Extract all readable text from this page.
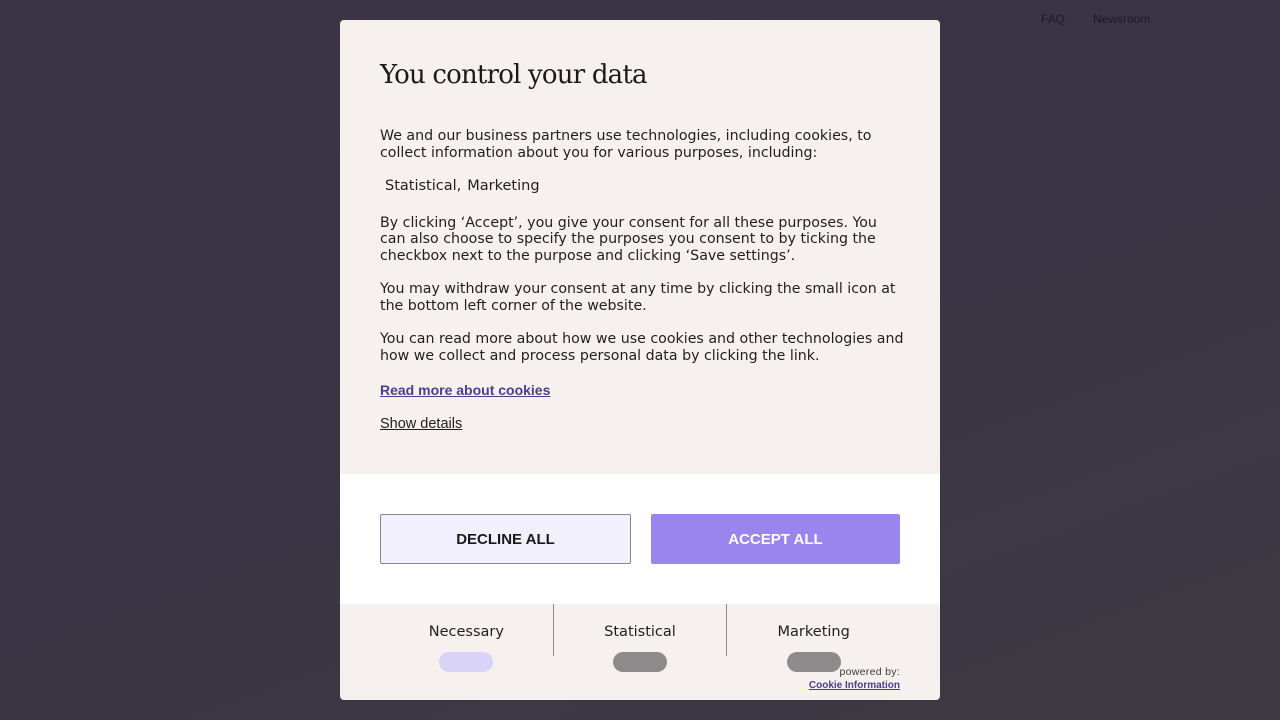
FAQ Newsroom
You control your data

We and our business partners use technologies, including cookies, to collect information about you for various purposes, including:

Statistical, Marketing

By clicking ‘Accept’, you give your consent for all these purposes. You can also choose to specify the purposes you consent to by ticking the checkbox next to the purpose and clicking ‘Save settings’.

You may withdraw your consent at any time by clicking the small icon at the bottom left corner of the website.

You can read more about how we use cookies and other technologies and how we collect and process personal data by clicking the link.

Read more about cookies
Show details
DECLINE ALL	ACCEPT ALL
Necessary	Statistical	Marketing
powered by:
Cookie Information
